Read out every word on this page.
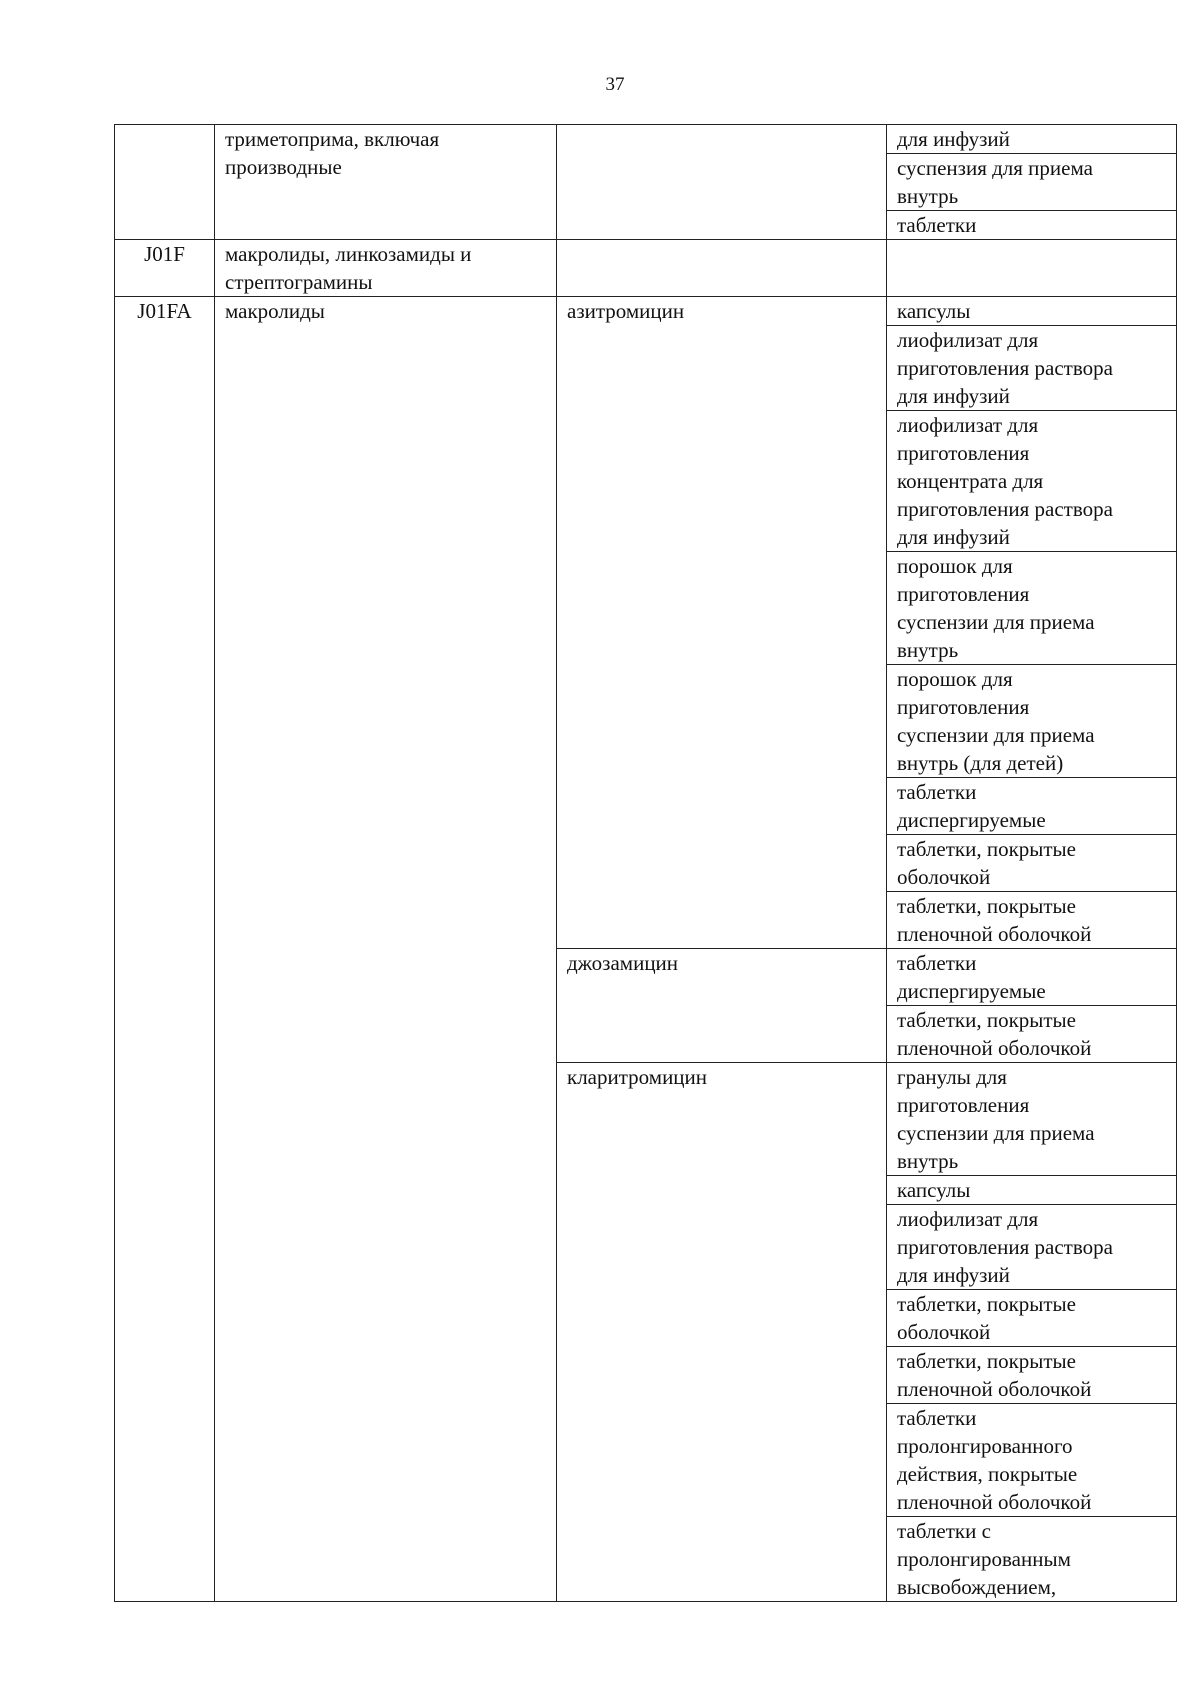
37
	триметоприма, включая
производные		для инфузий
			суспензия для приема
внутрь
			таблетки
J01F	макролиды, линкозамиды и
стрептограмины		
J01FA	макролиды	азитромицин	капсулы
			лиофилизат для
приготовления раствора
для инфузий
			лиофилизат для
приготовления
концентрата для
приготовления раствора
для инфузий
			порошок для
приготовления
суспензии для приема
внутрь
			порошок для
приготовления
суспензии для приема
внутрь (для детей)
			таблетки
диспергируемые
			таблетки, покрытые
оболочкой
			таблетки, покрытые
пленочной оболочкой
		джозамицин	таблетки
диспергируемые
			таблетки, покрытые
пленочной оболочкой
		кларитромицин	гранулы для
приготовления
суспензии для приема
внутрь
			капсулы
			лиофилизат для
приготовления раствора
для инфузий
			таблетки, покрытые
оболочкой
			таблетки, покрытые
пленочной оболочкой
			таблетки
пролонгированного
действия, покрытые
пленочной оболочкой
			таблетки с
пролонгированным
высвобождением,
